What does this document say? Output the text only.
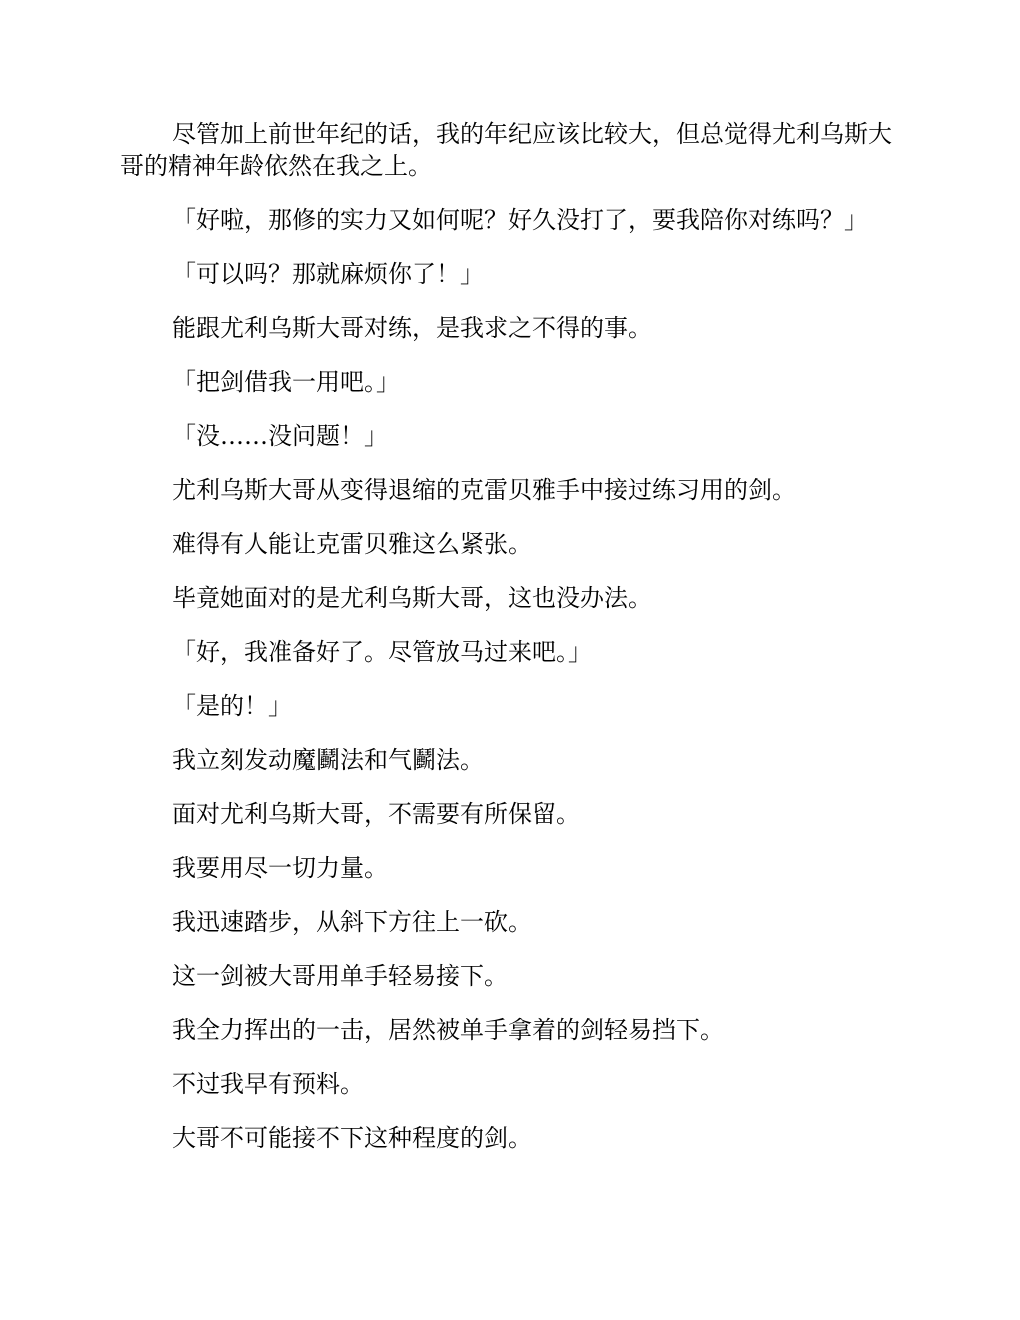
尽管加上前世年纪的话，我的年纪应该比较大，但总觉得尤利乌斯大哥的精神年龄依然在我之上。

「好啦，那修的实力又如何呢？好久没打了，要我陪你对练吗？」

「可以吗？那就麻烦你了！」

能跟尤利乌斯大哥对练，是我求之不得的事。

「把剑借我一用吧。」

「没……没问题！」

尤利乌斯大哥从变得退缩的克雷贝雅手中接过练习用的剑。

难得有人能让克雷贝雅这么紧张。

毕竟她面对的是尤利乌斯大哥，这也没办法。

「好，我准备好了。尽管放马过来吧。」

「是的！」

我立刻发动魔鬬法和气鬬法。

面对尤利乌斯大哥，不需要有所保留。

我要用尽一切力量。

我迅速踏步，从斜下方往上一砍。

这一剑被大哥用单手轻易接下。

我全力挥出的一击，居然被单手拿着的剑轻易挡下。

不过我早有预料。

大哥不可能接不下这种程度的剑。
